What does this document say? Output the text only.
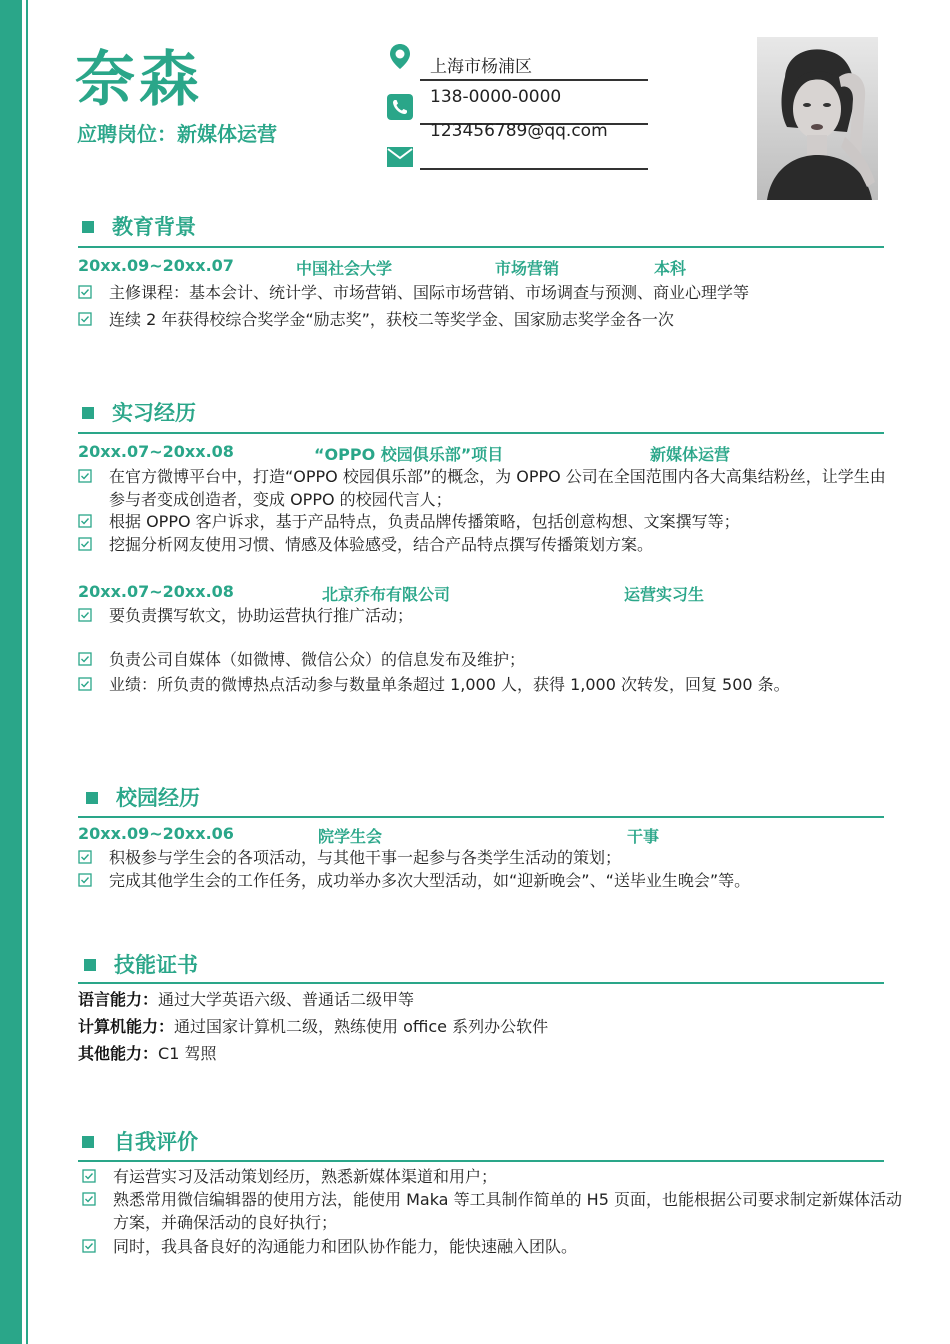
奈森
应聘岗位：新媒体运营
上海市杨浦区
138-0000-0000
123456789@qq.com
教育背景
20xx.09~20xx.07	中国社会大学	市场营销	本科
主修课程：基本会计、统计学、市场营销、国际市场营销、市场调查与预测、商业心理学等
连续 2 年获得校综合奖学金“励志奖”，获校二等奖学金、国家励志奖学金各一次
实习经历
20xx.07~20xx.08	“OPPO 校园俱乐部”项目	新媒体运营
在官方微博平台中，打造“OPPO 校园俱乐部”的概念，为 OPPO 公司在全国范围内各大高集结粉丝，让学生由参与者变成创造者，变成 OPPO 的校园代言人；
根据 OPPO 客户诉求，基于产品特点，负责品牌传播策略，包括创意构想、文案撰写等；
挖掘分析网友使用习惯、情感及体验感受，结合产品特点撰写传播策划方案。
20xx.07~20xx.08	北京乔布有限公司	运营实习生
要负责撰写软文，协助运营执行推广活动；
负责公司自媒体（如微博、微信公众）的信息发布及维护；
业绩：所负责的微博热点活动参与数量单条超过 1,000 人，获得 1,000 次转发，回复 500 条。
校园经历
20xx.09~20xx.06	院学生会	干事
积极参与学生会的各项活动，与其他干事一起参与各类学生活动的策划；
完成其他学生会的工作任务，成功举办多次大型活动，如“迎新晚会”、“送毕业生晚会”等。
技能证书
语言能力：通过大学英语六级、普通话二级甲等
计算机能力：通过国家计算机二级，熟练使用 office 系列办公软件
其他能力：C1 驾照
自我评价
有运营实习及活动策划经历，熟悉新媒体渠道和用户；
熟悉常用微信编辑器的使用方法，能使用 Maka 等工具制作简单的 H5 页面，也能根据公司要求制定新媒体活动方案，并确保活动的良好执行；
同时，我具备良好的沟通能力和团队协作能力，能快速融入团队。
